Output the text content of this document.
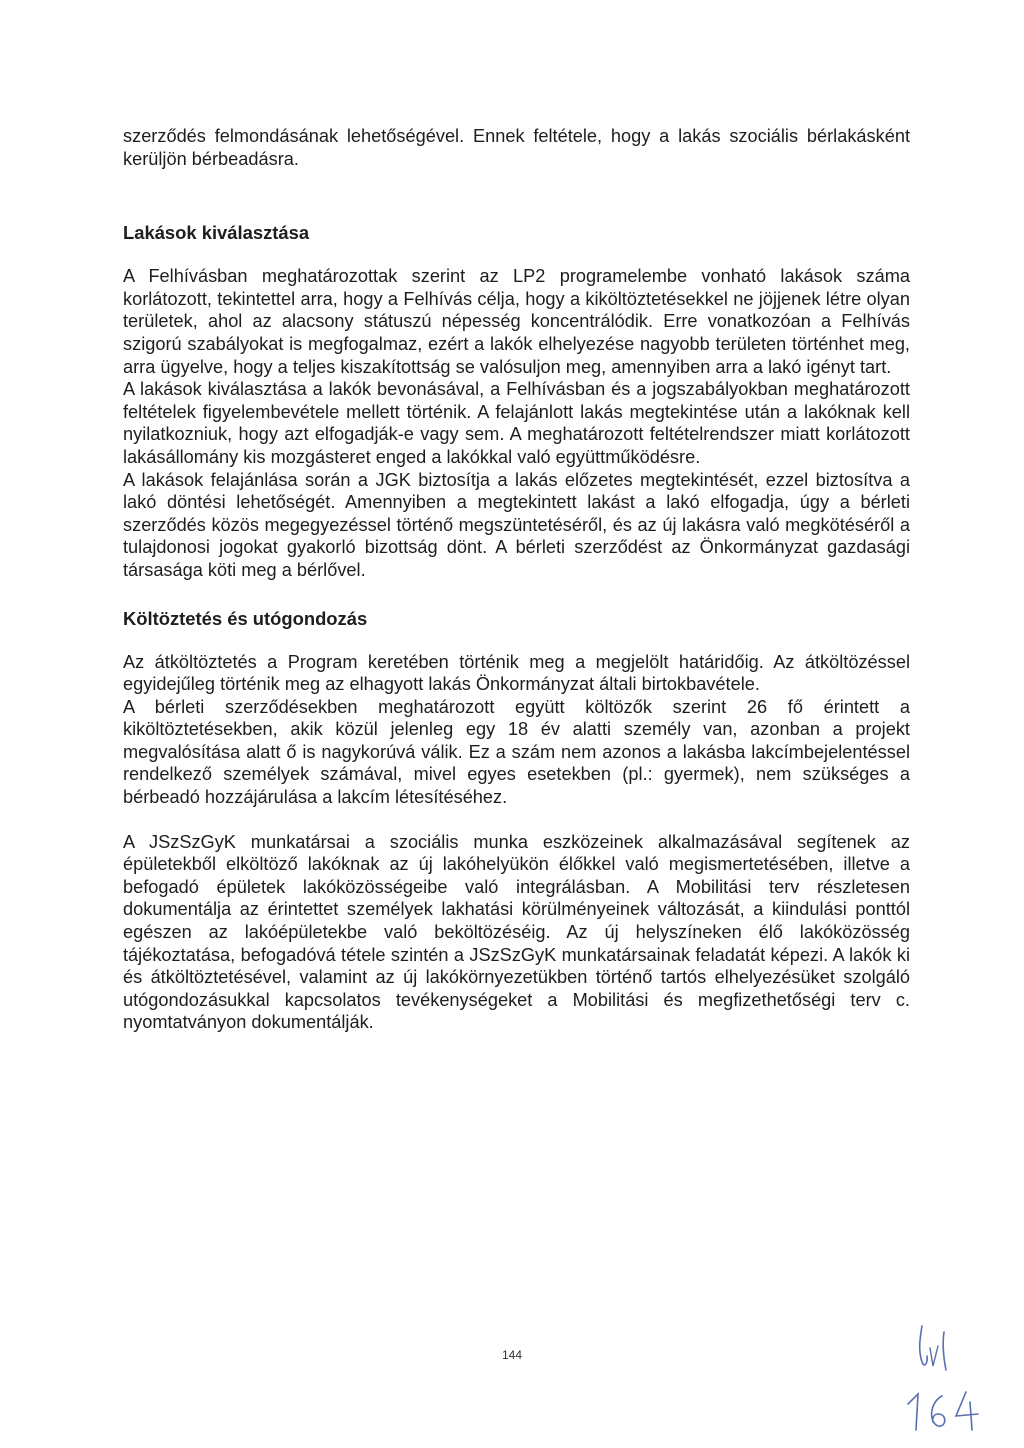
szerződés felmondásának lehetőségével. Ennek feltétele, hogy a lakás szociális bérlakásként kerüljön bérbeadásra.

Lakások kiválasztása

A Felhívásban meghatározottak szerint az LP2 programelembe vonható lakások száma korlátozott, tekintettel arra, hogy a Felhívás célja, hogy a kiköltöztetésekkel ne jöjjenek létre olyan területek, ahol az alacsony státuszú népesség koncentrálódik. Erre vonatkozóan a Felhívás szigorú szabályokat is megfogalmaz, ezért a lakók elhelyezése nagyobb területen történhet meg, arra ügyelve, hogy a teljes kiszakítottság se valósuljon meg, amennyiben arra a lakó igényt tart.

A lakások kiválasztása a lakók bevonásával, a Felhívásban és a jogszabályokban meghatározott feltételek figyelembevétele mellett történik. A felajánlott lakás megtekintése után a lakóknak kell nyilatkozniuk, hogy azt elfogadják-e vagy sem. A meghatározott feltételrendszer miatt korlátozott lakásállomány kis mozgásteret enged a lakókkal való együttműködésre.

A lakások felajánlása során a JGK biztosítja a lakás előzetes megtekintését, ezzel biztosítva a lakó döntési lehetőségét. Amennyiben a megtekintett lakást a lakó elfogadja, úgy a bérleti szerződés közös megegyezéssel történő megszüntetéséről, és az új lakásra való megkötéséről a tulajdonosi jogokat gyakorló bizottság dönt. A bérleti szerződést az Önkormányzat gazdasági társasága köti meg a bérlővel.

Költöztetés és utógondozás

Az átköltöztetés a Program keretében történik meg a megjelölt határidőig. Az átköltözéssel egyidejűleg történik meg az elhagyott lakás Önkormányzat általi birtokbavétele.

A bérleti szerződésekben meghatározott együtt költözők szerint 26 fő érintett a kiköltöztetésekben, akik közül jelenleg egy 18 év alatti személy van, azonban a projekt megvalósítása alatt ő is nagykorúvá válik. Ez a szám nem azonos a lakásba lakcímbejelentéssel rendelkező személyek számával, mivel egyes esetekben (pl.: gyermek), nem szükséges a bérbeadó hozzájárulása a lakcím létesítéséhez.

A JSzSzGyK munkatársai a szociális munka eszközeinek alkalmazásával segítenek az épületekből elköltöző lakóknak az új lakóhelyükön élőkkel való megismertetésében, illetve a befogadó épületek lakóközösségeibe való integrálásban. A Mobilitási terv részletesen dokumentálja az érintettet személyek lakhatási körülményeinek változását, a kiindulási ponttól egészen az lakóépületekbe való beköltözéséig. Az új helyszíneken élő lakóközösség tájékoztatása, befogadóvá tétele szintén a JSzSzGyK munkatársainak feladatát képezi. A lakók ki és átköltöztetésével, valamint az új lakókörnyezetükben történő tartós elhelyezésüket szolgáló utógondozásukkal kapcsolatos tevékenységeket a Mobilitási és megfizethetőségi terv c. nyomtatványon dokumentálják.

144
